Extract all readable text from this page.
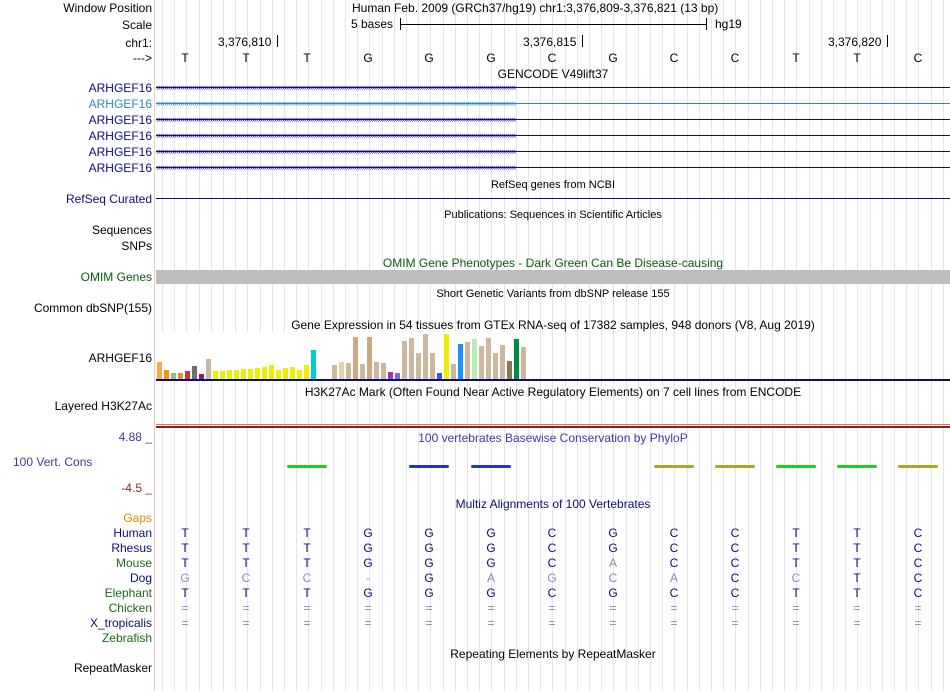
Window Position	Human Feb. 2009 (GRCh37/hg19) chr1:3,376,809-3,376,821 (13 bp)
Scale	5 bases	hg19
chr1:	3,376,810	3,376,815	3,376,820
---> T	T	T	G	G	G	C	G	C	C	T	T	C
GENCODE V49lift37
ARHGEF16 ››››››››››››››››››››››››››››››››››››››››››››››››››››››››››››››››››››››››››››››››››››››››››››››››››››››››››››››››››››››››››››››››››››››››››››››››››››››››››››››››››››››››››››››››››››
ARHGEF16 ››››››››››››››››››››››››››››››››››››››››››››››››››››››››››››››››››››››››››››››››››››››››››››››››››››››››››››››››››››››››››››››››››››››››››››››››››››››››››››››››››››››››››››››››››››
ARHGEF16 ››››››››››››››››››››››››››››››››››››››››››››››››››››››››››››››››››››››››››››››››››››››››››››››››››››››››››››››››››››››››››››››››››››››››››››››››››››››››››››››››››››››››››››››››››››
ARHGEF16 ››››››››››››››››››››››››››››››››››››››››››››››››››››››››››››››››››››››››››››››››››››››››››››››››››››››››››››››››››››››››››››››››››››››››››››››››››››››››››››››››››››››››››››››››››››
ARHGEF16 ››››››››››››››››››››››››››››››››››››››››››››››››››››››››››››››››››››››››››››››››››››››››››››››››››››››››››››››››››››››››››››››››››››››››››››››››››››››››››››››››››››››››››››››››››››
ARHGEF16 ››››››››››››››››››››››››››››››››››››››››››››››››››››››››››››››››››››››››››››››››››››››››››››››››››››››››››››››››››››››››››››››››››››››››››››››››››››››››››››››››››››››››››››››››››››
RefSeq genes from NCBI
RefSeq Curated
Publications: Sequences in Scientific Articles
Sequences
SNPs
OMIM Gene Phenotypes - Dark Green Can Be Disease-causing
OMIM Genes
Short Genetic Variants from dbSNP release 155
Common dbSNP(155)
Gene Expression in 54 tissues from GTEx RNA-seq of 17382 samples, 948 donors (V8, Aug 2019)
ARHGEF16
H3K27Ac Mark (Often Found Near Active Regulatory Elements) on 7 cell lines from ENCODE
Layered H3K27Ac
100 vertebrates Basewise Conservation by PhyloP
4.88 _
100 Vert. Cons
-4.5 _
Multiz Alignments of 100 Vertebrates
Gaps
Human T	T	T	G	G	G	C	G	C	C	T	T	C
Rhesus T	T	T	G	G	G	C	G	C	C	T	T	C
Mouse T	T	T	G	G	G	C	A	C	C	T	T	C
Dog G	C	C	-	G	A	G	C	A	C	C	T	C
Elephant T	T	T	G	G	G	C	G	C	C	T	T	C
Chicken =	=	=	=	=	=	=	=	=	=	=	=	=
X_tropicalis =	=	=	=	=	=	=	=	=	=	=	=	=
Zebrafish
Repeating Elements by RepeatMasker
RepeatMasker
